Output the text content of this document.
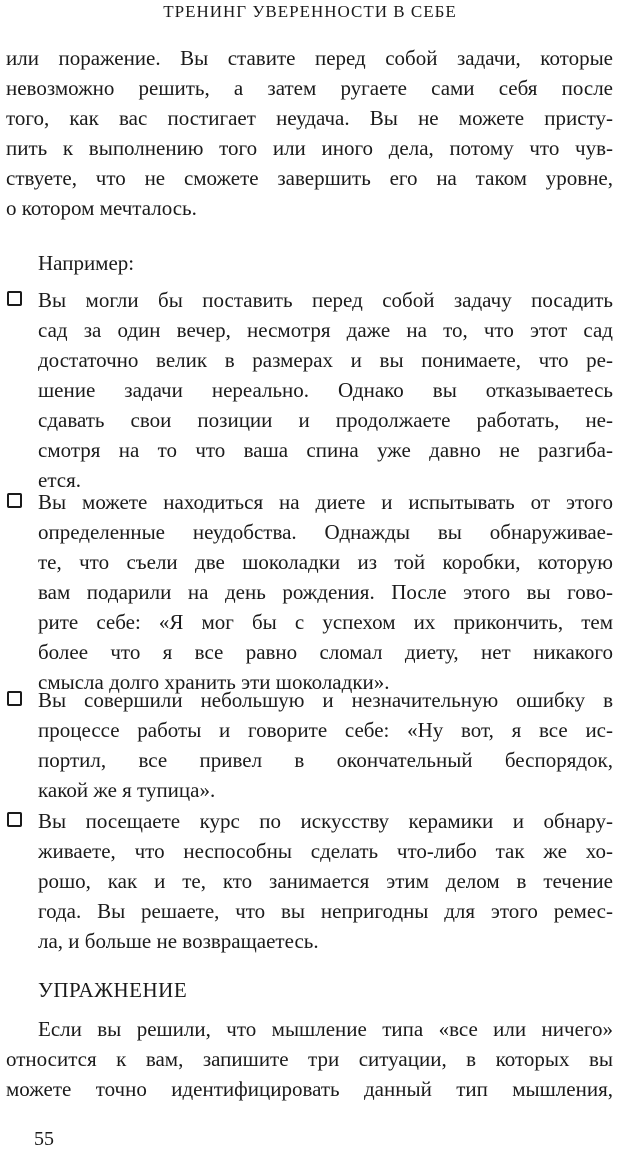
ТРЕНИНГ УВЕРЕННОСТИ В СЕБЕ
или поражение. Вы ставите перед собой задачи, которые
невозможно решить, а затем ругаете сами себя после
того, как вас постигает неудача. Вы не можете присту-
пить к выполнению того или иного дела, потому что чув-
ствуете, что не сможете завершить его на таком уровне,
о котором мечталось.
Например:
Вы могли бы поставить перед собой задачу посадить
сад за один вечер, несмотря даже на то, что этот сад
достаточно велик в размерах и вы понимаете, что ре-
шение задачи нереально. Однако вы отказываетесь
сдавать свои позиции и продолжаете работать, не-
смотря на то что ваша спина уже давно не разгиба-
ется.
Вы можете находиться на диете и испытывать от этого
определенные неудобства. Однажды вы обнаруживае-
те, что съели две шоколадки из той коробки, которую
вам подарили на день рождения. После этого вы гово-
рите себе: «Я мог бы с успехом их прикончить, тем
более что я все равно сломал диету, нет никакого
смысла долго хранить эти шоколадки».
Вы совершили небольшую и незначительную ошибку в
процессе работы и говорите себе: «Ну вот, я все ис-
портил, все привел в окончательный беспорядок,
какой же я тупица».
Вы посещаете курс по искусству керамики и обнару-
живаете, что неспособны сделать что-либо так же хо-
рошо, как и те, кто занимается этим делом в течение
года. Вы решаете, что вы непригодны для этого ремес-
ла, и больше не возвращаетесь.
УПРАЖНЕНИЕ
Если вы решили, что мышление типа «все или ничего»
относится к вам, запишите три ситуации, в которых вы
можете точно идентифицировать данный тип мышления,
55
